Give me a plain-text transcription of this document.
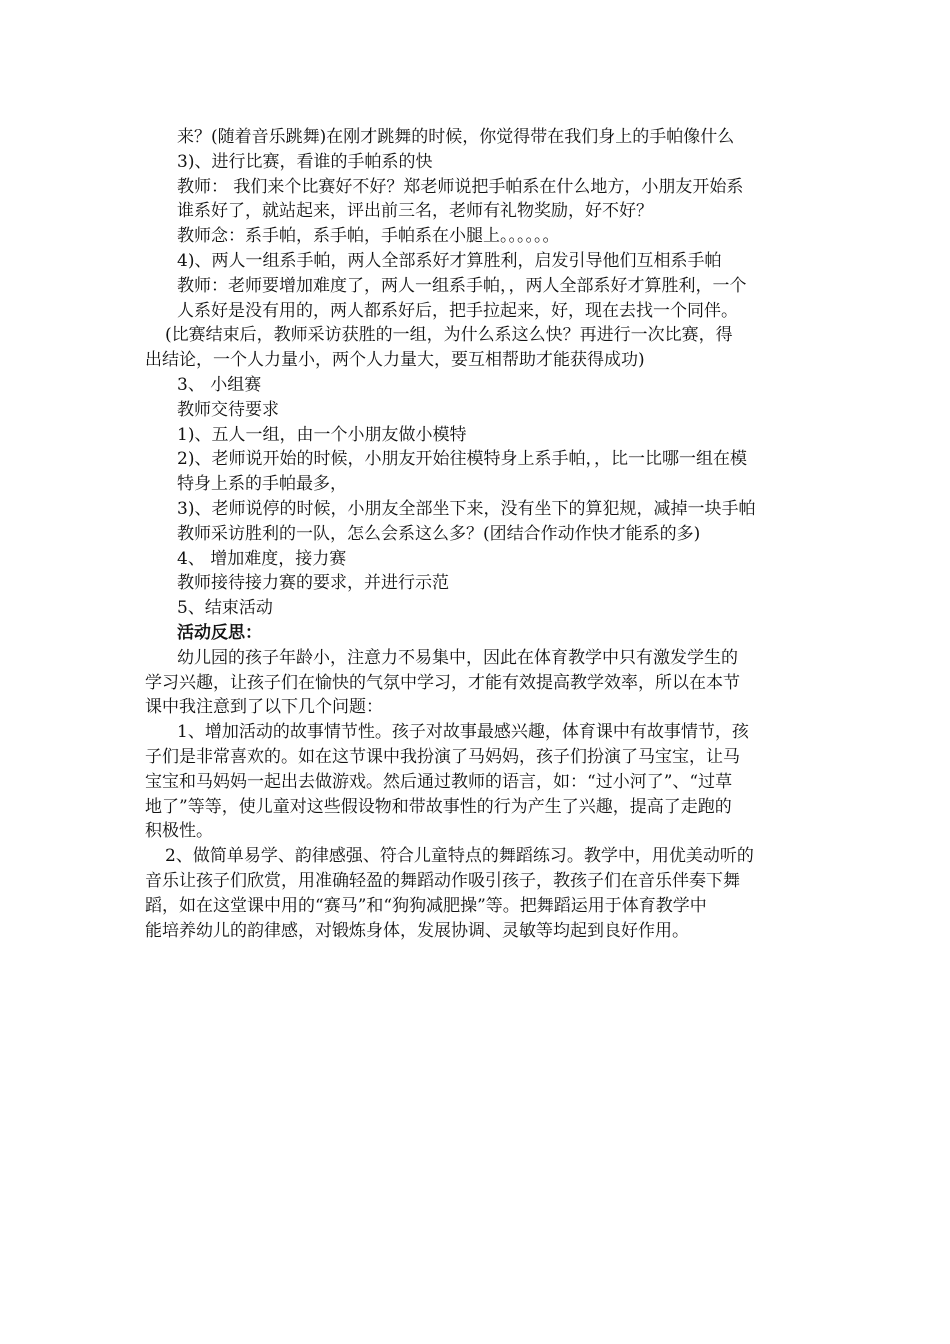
来？(随着音乐跳舞)在刚才跳舞的时候，你觉得带在我们身上的手帕像什么

3)、进行比赛，看谁的手帕系的快

教师： 我们来个比赛好不好？郑老师说把手帕系在什么地方，小朋友开始系

谁系好了，就站起来，评出前三名，老师有礼物奖励，好不好？

教师念：系手帕，系手帕，手帕系在小腿上。。。。。。

4)、两人一组系手帕，两人全部系好才算胜利，启发引导他们互相系手帕

教师：老师要增加难度了，两人一组系手帕，，两人全部系好才算胜利，一个

人系好是没有用的，两人都系好后，把手拉起来，好，现在去找一个同伴。

(比赛结束后，教师采访获胜的一组，为什么系这么快？再进行一次比赛，得

出结论，一个人力量小，两个人力量大，要互相帮助才能获得成功)

3、 小组赛

教师交待要求

1)、五人一组，由一个小朋友做小模特

2)、老师说开始的时候，小朋友开始往模特身上系手帕，，比一比哪一组在模

特身上系的手帕最多，

3)、老师说停的时候，小朋友全部坐下来，没有坐下的算犯规，减掉一块手帕

教师采访胜利的一队，怎么会系这么多？(团结合作动作快才能系的多)

4、 增加难度，接力赛

教师接待接力赛的要求，并进行示范

5、结束活动

活动反思：

幼儿园的孩子年龄小，注意力不易集中，因此在体育教学中只有激发学生的

学习兴趣，让孩子们在愉快的气氛中学习，才能有效提高教学效率，所以在本节

课中我注意到了以下几个问题：

1、增加活动的故事情节性。孩子对故事最感兴趣，体育课中有故事情节，孩

子们是非常喜欢的。如在这节课中我扮演了马妈妈，孩子们扮演了马宝宝，让马

宝宝和马妈妈一起出去做游戏。然后通过教师的语言，如：“过小河了”、“过草

地了”等等，使儿童对这些假设物和带故事性的行为产生了兴趣，提高了走跑的

积极性。

2、做简单易学、韵律感强、符合儿童特点的舞蹈练习。教学中，用优美动听的

音乐让孩子们欣赏，用准确轻盈的舞蹈动作吸引孩子，教孩子们在音乐伴奏下舞

蹈，如在这堂课中用的“赛马”和“狗狗减肥操”等。把舞蹈运用于体育教学中

能培养幼儿的韵律感，对锻炼身体，发展协调、灵敏等均起到良好作用。
